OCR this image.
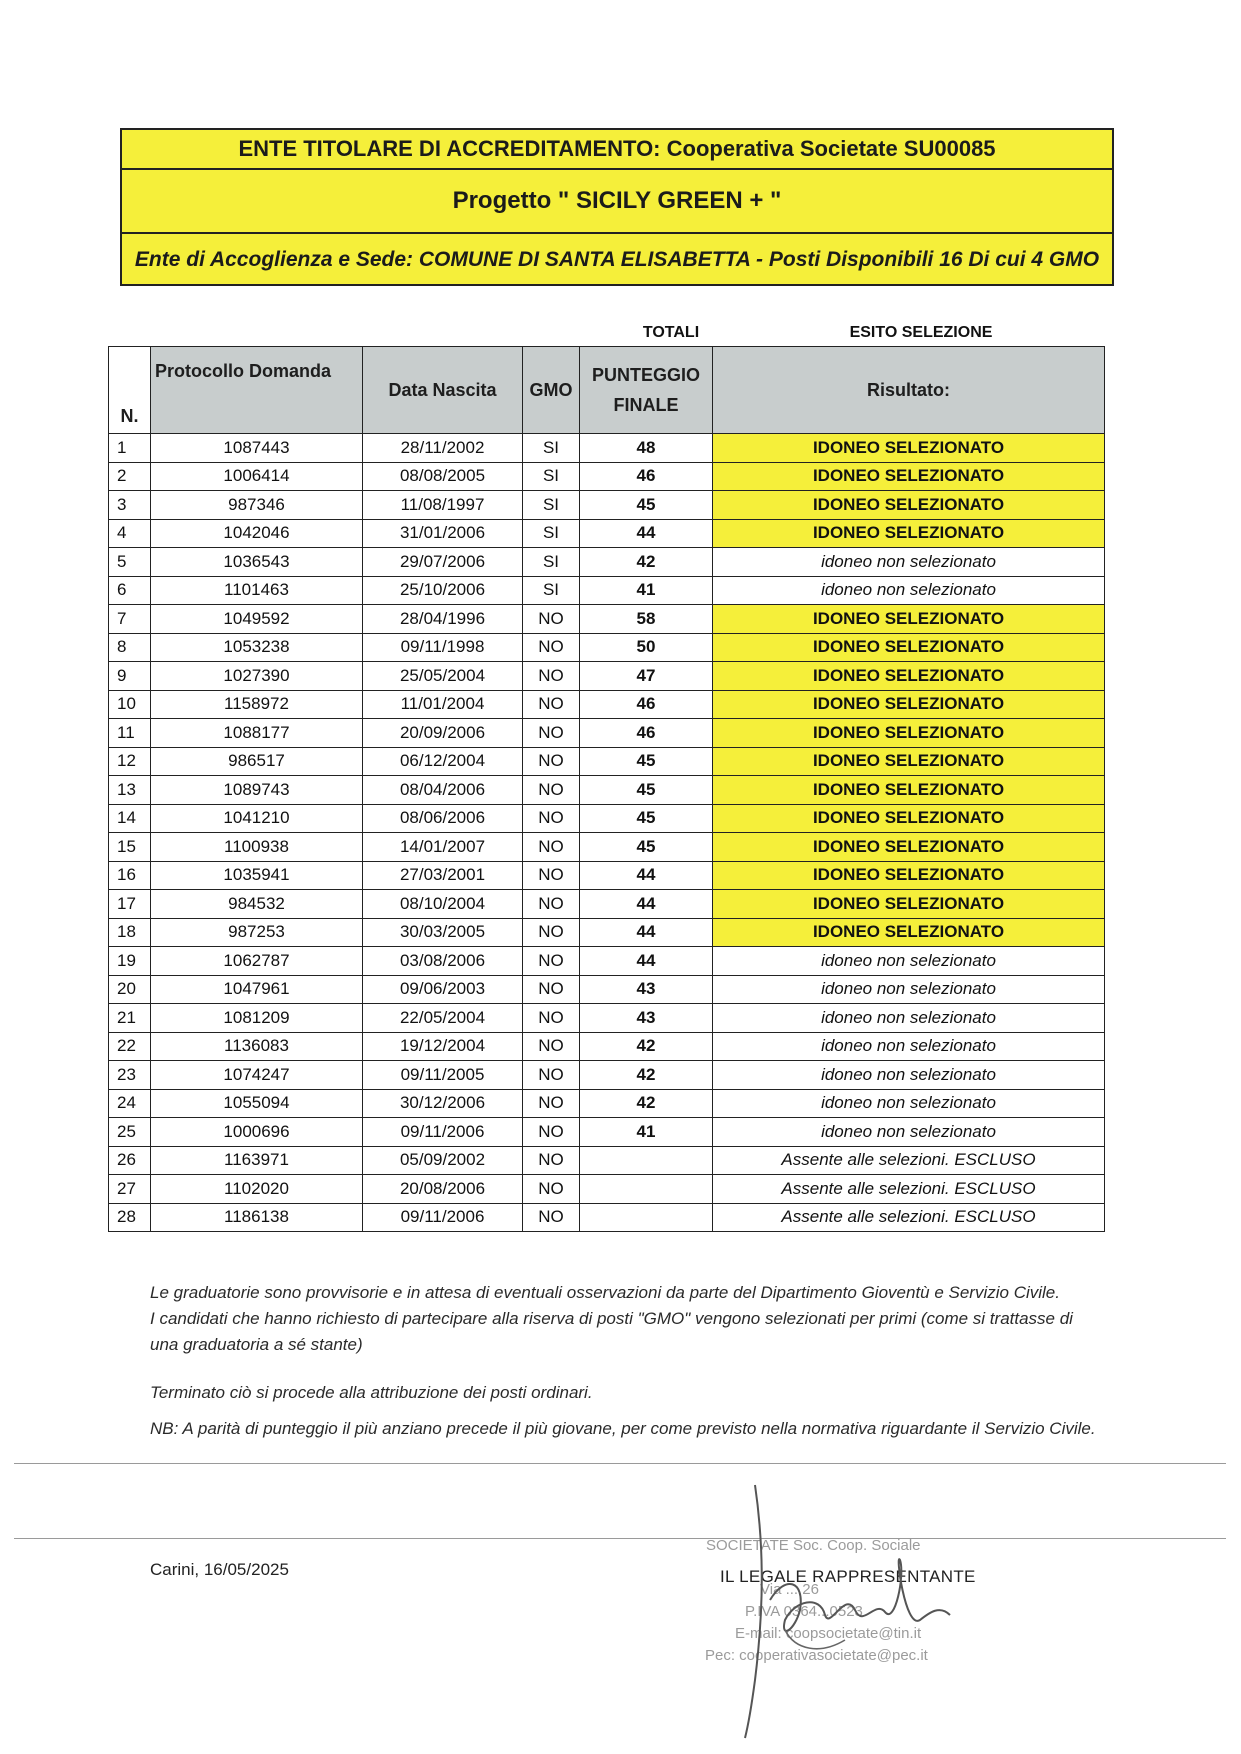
ENTE TITOLARE DI ACCREDITAMENTO: Cooperativa Societate SU00085
Progetto " SICILY GREEN + "
Ente di Accoglienza e Sede: COMUNE DI SANTA ELISABETTA - Posti Disponibili 16 Di cui 4 GMO
TOTALI	ESITO SELEZIONE
N.	Protocollo Domanda	Data Nascita	GMO	PUNTEGGIO FINALE	Risultato:
1	1087443	28/11/2002	SI	48	IDONEO SELEZIONATO
2	1006414	08/08/2005	SI	46	IDONEO SELEZIONATO
3	987346	11/08/1997	SI	45	IDONEO SELEZIONATO
4	1042046	31/01/2006	SI	44	IDONEO SELEZIONATO
5	1036543	29/07/2006	SI	42	idoneo non selezionato
6	1101463	25/10/2006	SI	41	idoneo non selezionato
7	1049592	28/04/1996	NO	58	IDONEO SELEZIONATO
8	1053238	09/11/1998	NO	50	IDONEO SELEZIONATO
9	1027390	25/05/2004	NO	47	IDONEO SELEZIONATO
10	1158972	11/01/2004	NO	46	IDONEO SELEZIONATO
11	1088177	20/09/2006	NO	46	IDONEO SELEZIONATO
12	986517	06/12/2004	NO	45	IDONEO SELEZIONATO
13	1089743	08/04/2006	NO	45	IDONEO SELEZIONATO
14	1041210	08/06/2006	NO	45	IDONEO SELEZIONATO
15	1100938	14/01/2007	NO	45	IDONEO SELEZIONATO
16	1035941	27/03/2001	NO	44	IDONEO SELEZIONATO
17	984532	08/10/2004	NO	44	IDONEO SELEZIONATO
18	987253	30/03/2005	NO	44	IDONEO SELEZIONATO
19	1062787	03/08/2006	NO	44	idoneo non selezionato
20	1047961	09/06/2003	NO	43	idoneo non selezionato
21	1081209	22/05/2004	NO	43	idoneo non selezionato
22	1136083	19/12/2004	NO	42	idoneo non selezionato
23	1074247	09/11/2005	NO	42	idoneo non selezionato
24	1055094	30/12/2006	NO	42	idoneo non selezionato
25	1000696	09/11/2006	NO	41	idoneo non selezionato
26	1163971	05/09/2002	NO		Assente alle selezioni. ESCLUSO
27	1102020	20/08/2006	NO		Assente alle selezioni. ESCLUSO
28	1186138	09/11/2006	NO		Assente alle selezioni. ESCLUSO

Le graduatorie sono provvisorie e in attesa di eventuali osservazioni da parte del Dipartimento Gioventù e Servizio Civile.

I candidati che hanno richiesto di partecipare alla riserva di posti "GMO" vengono selezionati per primi (come si trattasse di una graduatoria a sé stante)

Terminato ciò si procede alla attribuzione dei posti ordinari.

NB: A parità di punteggio il più anziano precede il più giovane, per come previsto nella normativa riguardante il Servizio Civile.

Carini, 16/05/2025
SOCIETATE Soc. Coop. Sociale
Via ... 26
P.IVA 0364...0523
E-mail: coopsocietate@tin.it
Pec: cooperativasocietate@pec.it
IL LEGALE RAPPRESENTANTE
